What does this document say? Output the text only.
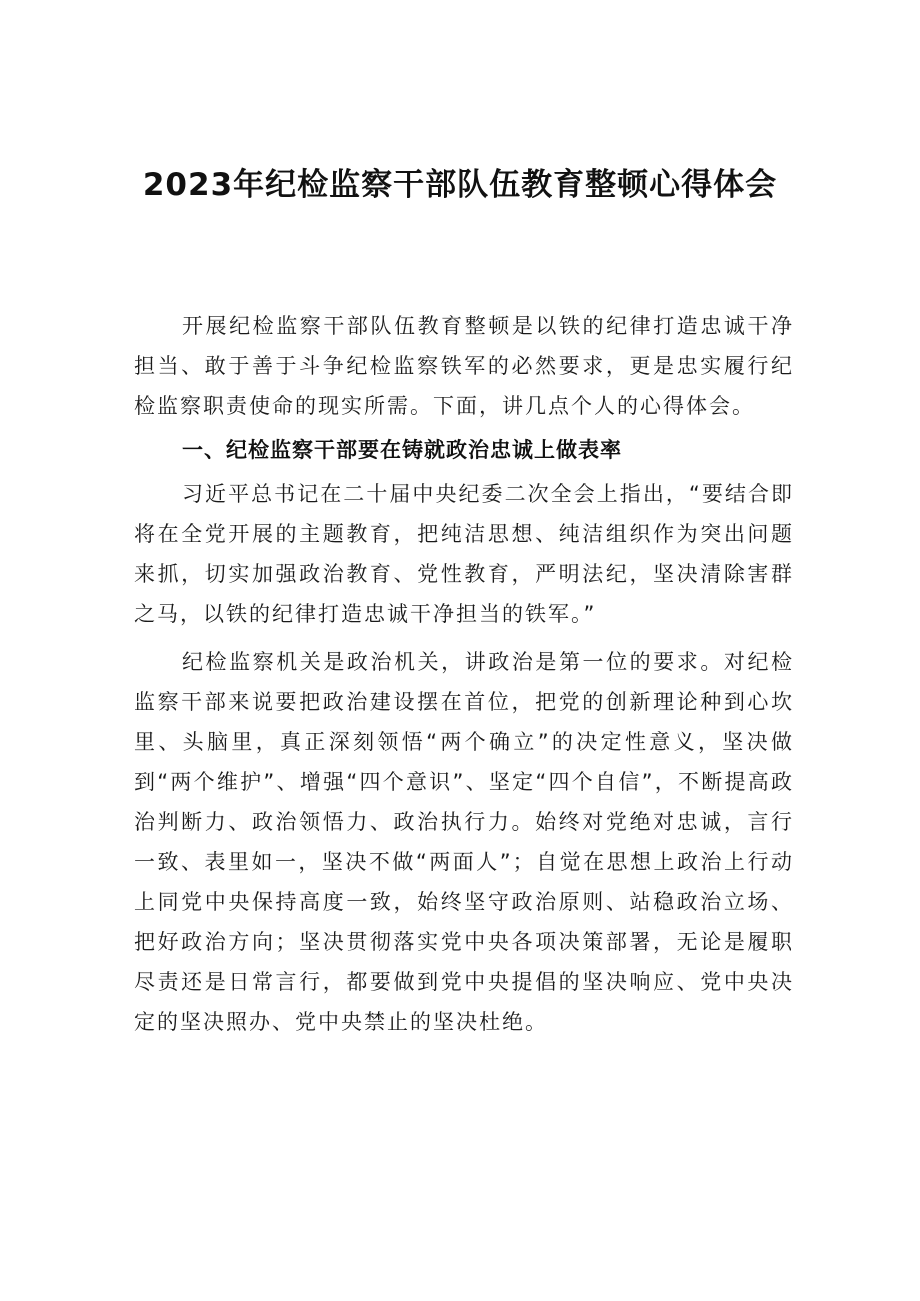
2023年纪检监察干部队伍教育整顿心得体会

开展纪检监察干部队伍教育整顿是以铁的纪律打造忠诚干净担当、敢于善于斗争纪检监察铁军的必然要求，更是忠实履行纪检监察职责使命的现实所需。下面，讲几点个人的心得体会。

一、纪检监察干部要在铸就政治忠诚上做表率

习近平总书记在二十届中央纪委二次全会上指出，“要结合即将在全党开展的主题教育，把纯洁思想、纯洁组织作为突出问题来抓，切实加强政治教育、党性教育，严明法纪，坚决清除害群之马，以铁的纪律打造忠诚干净担当的铁军。”

纪检监察机关是政治机关，讲政治是第一位的要求。对纪检监察干部来说要把政治建设摆在首位，把党的创新理论种到心坎里、头脑里，真正深刻领悟“两个确立”的决定性意义，坚决做到“两个维护”、增强“四个意识”、坚定“四个自信”，不断提高政治判断力、政治领悟力、政治执行力。始终对党绝对忠诚，言行一致、表里如一，坚决不做“两面人”；自觉在思想上政治上行动上同党中央保持高度一致，始终坚守政治原则、站稳政治立场、把好政治方向；坚决贯彻落实党中央各项决策部署，无论是履职尽责还是日常言行，都要做到党中央提倡的坚决响应、党中央决定的坚决照办、党中央禁止的坚决杜绝。
